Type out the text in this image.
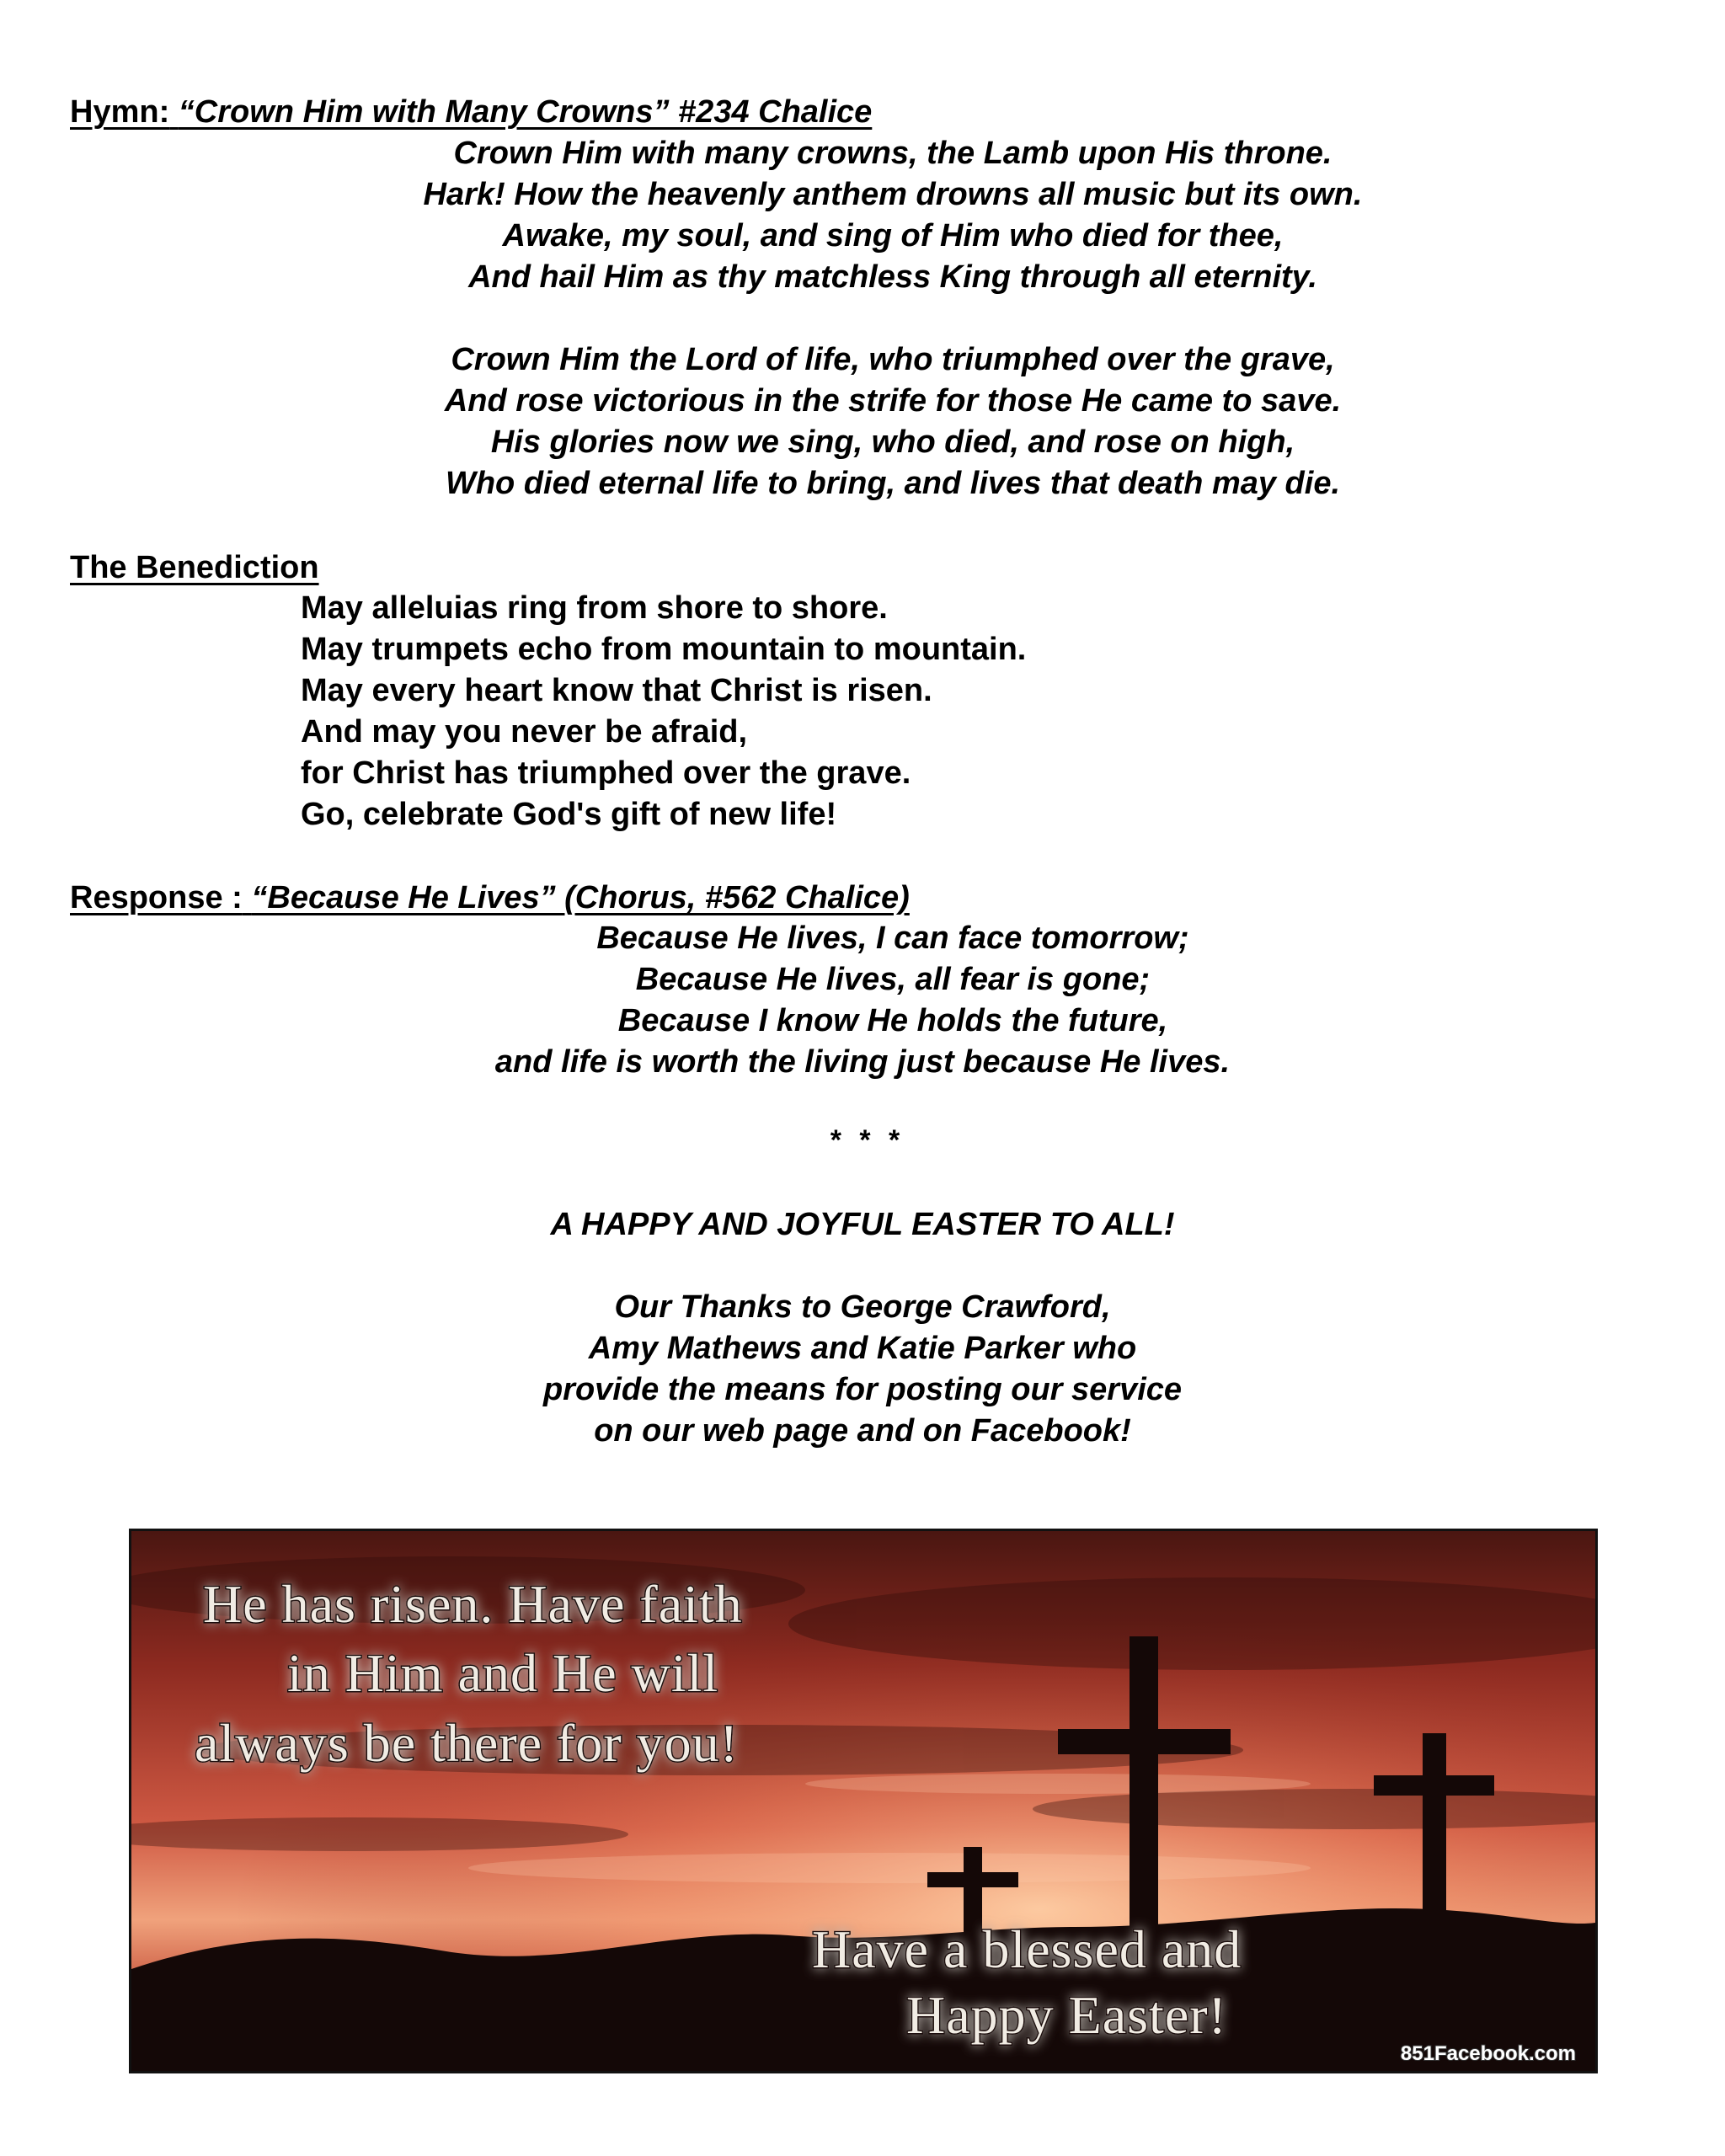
Hymn: “Crown Him with Many Crowns” #234 Chalice
Crown Him with many crowns, the Lamb upon His throne.
Hark! How the heavenly anthem drowns all music but its own.
Awake, my soul, and sing of Him who died for thee,
And hail Him as thy matchless King through all eternity.
Crown Him the Lord of life, who triumphed over the grave,
And rose victorious in the strife for those He came to save.
His glories now we sing, who died, and rose on high,
Who died eternal life to bring, and lives that death may die.
The Benediction
May alleluias ring from shore to shore.
May trumpets echo from mountain to mountain.
May every heart know that Christ is risen.
And may you never be afraid,
for Christ has triumphed over the grave.
Go, celebrate God's gift of new life!
Response : “Because He Lives” (Chorus, #562 Chalice)
Because He lives, I can face tomorrow;
Because He lives, all fear is gone;
Because I know He holds the future,
and life is worth the living just because He lives.
* * *
A HAPPY AND JOYFUL EASTER TO ALL!
Our Thanks to George Crawford,
Amy Mathews and Katie Parker who
provide the means for posting our service
on our web page and on Facebook!
He has risen. Have faith
in Him and He will
always be there for you!
Have a blessed and
Happy Easter!
851Facebook.com
